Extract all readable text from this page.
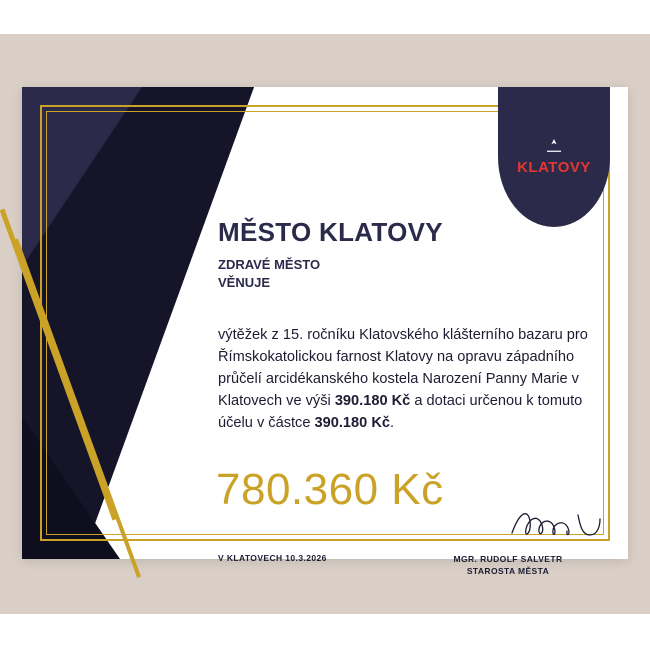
KLATOVY
MĚSTO KLATOVY
ZDRAVÉ MĚSTO
VĚNUJE
výtěžek z 15. ročníku Klatovského klášterního bazaru pro Římskokatolickou farnost Klatovy na opravu západního průčelí arcidékanského kostela Narození Panny Marie v Klatovech ve výši 390.180 Kč a dotaci určenou k tomuto účelu v částce 390.180 Kč.
780.360 Kč
V KLATOVECH 10.3.2026	MGR. RUDOLF SALVETR
STAROSTA MĚSTA
